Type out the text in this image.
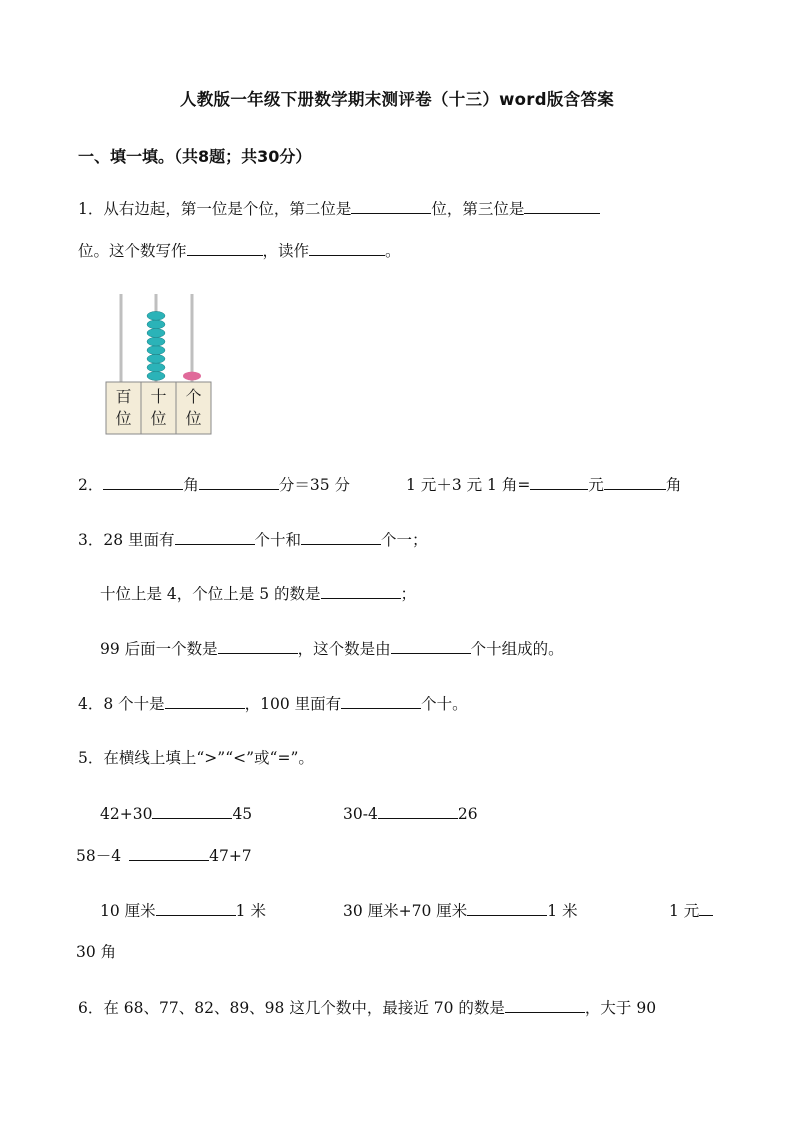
人教版一年级下册数学期末测评卷（十三）word版含答案
一、填一填。（共8题；共30分）
1．从右边起，第一位是个位，第二位是	位，第三位是
位。这个数写作	，读作	。
百
位
十
位
个
位
2．	角	分＝35 分	1 元＋3 元 1 角=	元	角
3．28 里面有	个十和	个一；
十位上是 4，个位上是 5 的数是	；
99 后面一个数是	，这个数是由	个十组成的。
4．8 个十是	，100 里面有	个十。
5．在横线上填上“>”“<”或“=”。
42+30	45	30-4	26
58－4	47+7
10 厘米	1 米	30 厘米+70 厘米	1 米	1 元
30 角
6．在 68、77、82、89、98 这几个数中，最接近 70 的数是	，大于 90
